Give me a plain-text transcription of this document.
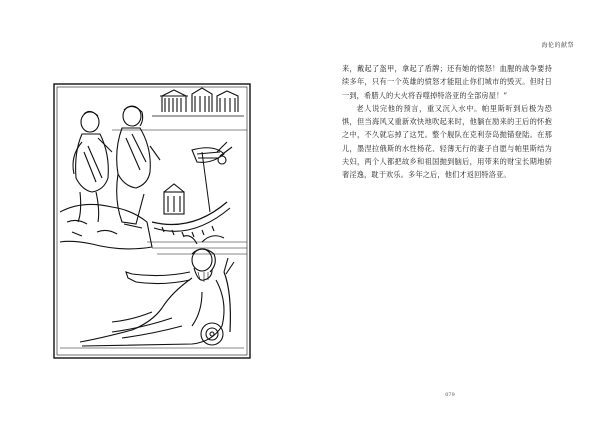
海伦的献祭

来，戴起了盔甲，拿起了盾牌；还有她的愤怒！血腥的战争要持续多年，只有一个英雄的愤怒才能阻止你们城市的毁灭。但时日一到，希腊人的大火将吞噬掉特洛亚的全部房屋！”

老人说完他的预言，重又沉入水中。帕里斯听到后极为恐惧，但当海风又重新欢快地吹起来时，他躺在励来的王后的怀抱之中，不久就忘掉了这咒。整个舰队在克利奈岛抛锚登陆。在那儿，墨涅拉俄斯的水性杨花、轻薄无行的妻子自愿与帕里斯结为夫妇，两个人都把故乡和祖国抛到脑后，用带来的财宝长期地骄奢淫逸，耽于欢乐。多年之后，他们才返回特洛亚。

079
